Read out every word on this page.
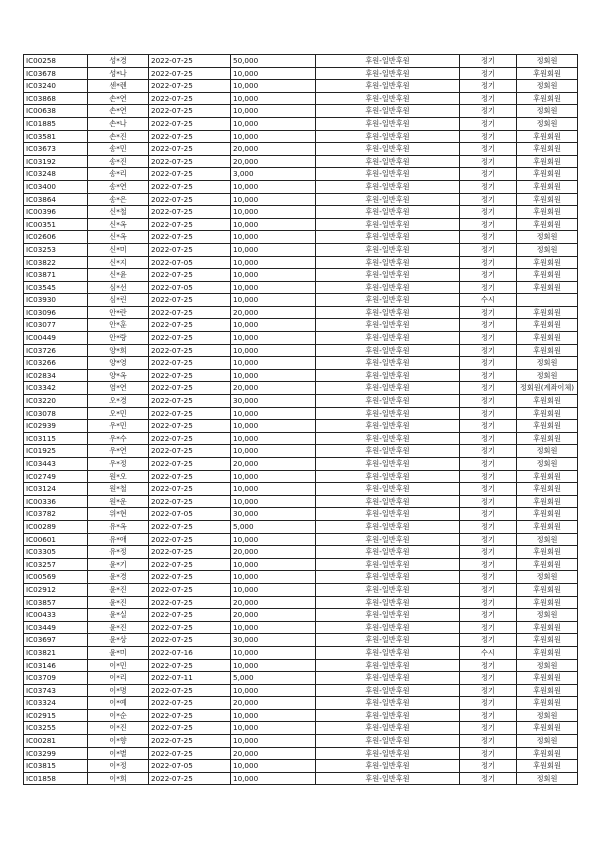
IC00258	성*경	2022-07-25	50,000	후원-일반후원	정기	정회원
IC03678	성*나	2022-07-25	10,000	후원-일반후원	정기	후원회원
IC03240	센*렌	2022-07-25	10,000	후원-일반후원	정기	정회원
IC03868	손*연	2022-07-25	10,000	후원-일반후원	정기	후원회원
IC00638	손*연	2022-07-25	10,000	후원-일반후원	정기	정회원
IC01885	손*나	2022-07-25	10,000	후원-일반후원	정기	정회원
IC03581	손*진	2022-07-25	10,000	후원-일반후원	정기	후원회원
IC03673	송*민	2022-07-25	20,000	후원-일반후원	정기	후원회원
IC03192	송*진	2022-07-25	20,000	후원-일반후원	정기	후원회원
IC03248	송*리	2022-07-25	3,000	후원-일반후원	정기	후원회원
IC03400	송*연	2022-07-25	10,000	후원-일반후원	정기	후원회원
IC03864	송*은	2022-07-25	10,000	후원-일반후원	정기	후원회원
IC00396	신*철	2022-07-25	10,000	후원-일반후원	정기	후원회원
IC00351	신*옥	2022-07-25	10,000	후원-일반후원	정기	후원회원
IC02606	신*옥	2022-07-25	10,000	후원-일반후원	정기	정회원
IC03253	신*미	2022-07-25	10,000	후원-일반후원	정기	정회원
IC03822	신*지	2022-07-05	10,000	후원-일반후원	정기	후원회원
IC03871	신*윤	2022-07-25	10,000	후원-일반후원	정기	후원회원
IC03545	심*선	2022-07-05	10,000	후원-일반후원	정기	후원회원
IC03930	심*린	2022-07-25	10,000	후원-일반후원	수시	
IC03096	안*란	2022-07-25	20,000	후원-일반후원	정기	후원회원
IC03077	안*훈	2022-07-25	10,000	후원-일반후원	정기	후원회원
IC00449	안*랑	2022-07-25	10,000	후원-일반후원	정기	후원회원
IC03726	양*희	2022-07-25	10,000	후원-일반후원	정기	후원회원
IC03266	양*영	2022-07-25	10,000	후원-일반후원	정기	정회원
IC02834	양*옥	2022-07-25	10,000	후원-일반후원	정기	정회원
IC03342	염*연	2022-07-25	20,000	후원-일반후원	정기	정회원(계좌이체)
IC03220	오*경	2022-07-25	30,000	후원-일반후원	정기	후원회원
IC03078	오*민	2022-07-25	10,000	후원-일반후원	정기	후원회원
IC02939	우*민	2022-07-25	10,000	후원-일반후원	정기	후원회원
IC03115	우*수	2022-07-25	10,000	후원-일반후원	정기	후원회원
IC01925	우*연	2022-07-25	10,000	후원-일반후원	정기	정회원
IC03443	우*정	2022-07-25	20,000	후원-일반후원	정기	정회원
IC02749	원*오	2022-07-25	10,000	후원-일반후원	정기	후원회원
IC03124	원*철	2022-07-25	10,000	후원-일반후원	정기	후원회원
IC00336	원*운	2022-07-25	10,000	후원-일반후원	정기	후원회원
IC03782	위*현	2022-07-05	30,000	후원-일반후원	정기	후원회원
IC00289	유*옥	2022-07-25	5,000	후원-일반후원	정기	후원회원
IC00601	유*애	2022-07-25	10,000	후원-일반후원	정기	정회원
IC03305	유*정	2022-07-25	20,000	후원-일반후원	정기	후원회원
IC03257	윤*기	2022-07-25	10,000	후원-일반후원	정기	후원회원
IC00569	윤*경	2022-07-25	10,000	후원-일반후원	정기	정회원
IC02912	윤*진	2022-07-25	10,000	후원-일반후원	정기	후원회원
IC03857	윤*진	2022-07-25	20,000	후원-일반후원	정기	후원회원
IC00433	윤*실	2022-07-25	20,000	후원-일반후원	정기	정회원
IC03449	윤*진	2022-07-25	10,000	후원-일반후원	정기	후원회원
IC03697	윤*상	2022-07-25	30,000	후원-일반후원	정기	후원회원
IC03821	윤*미	2022-07-16	10,000	후원-일반후원	수시	후원회원
IC03146	이*민	2022-07-25	10,000	후원-일반후원	정기	정회원
IC03709	이*리	2022-07-11	5,000	후원-일반후원	정기	후원회원
IC03743	이*명	2022-07-25	10,000	후원-일반후원	정기	후원회원
IC03324	이*예	2022-07-25	20,000	후원-일반후원	정기	후원회원
IC02915	이*순	2022-07-25	10,000	후원-일반후원	정기	정회원
IC03255	이*진	2022-07-25	10,000	후원-일반후원	정기	후원회원
IC00281	이*향	2022-07-25	10,000	후원-일반후원	정기	정회원
IC03299	이*별	2022-07-25	20,000	후원-일반후원	정기	후원회원
IC03815	이*정	2022-07-05	10,000	후원-일반후원	정기	후원회원
IC01858	이*희	2022-07-25	10,000	후원-일반후원	정기	정회원
